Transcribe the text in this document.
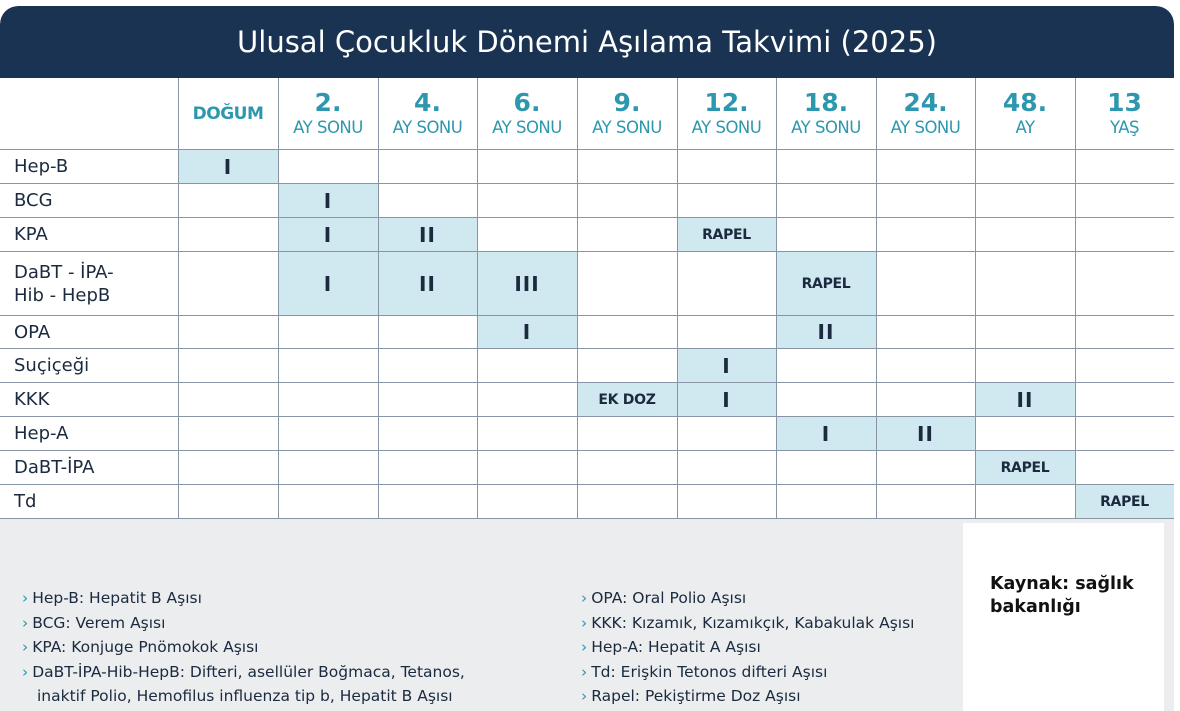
Ulusal Çocukluk Dönemi Aşılama Takvimi (2025)
	DOĞUM	2.
AY SONU	4.
AY SONU	6.
AY SONU	9.
AY SONU	12.
AY SONU	18.
AY SONU	24.
AY SONU	48.
AY	13
YAŞ

Hep-B	I									

BCG		I								

KPA		I	II			RAPEL				

DaBT - İPA-
Hib - HepB		I	II	III			RAPEL			

OPA				I			II			

Suçiçeği						I				

KKK					EK DOZ	I			II	

Hep-A							I	II		

DaBT-İPA									RAPEL	

Td										RAPEL
› Hep-B: Hepatit B Aşısı
› BCG: Verem Aşısı
› KPA: Konjuge Pnömokok Aşısı
› DaBT-İPA-Hib-HepB: Difteri, asellüler Boğmaca, Tetanos,
inaktif Polio, Hemofilus influenza tip b, Hepatit B Aşısı
› OPA: Oral Polio Aşısı
› KKK: Kızamık, Kızamıkçık, Kabakulak Aşısı
› Hep-A: Hepatit A Aşısı
› Td: Erişkin Tetonos difteri Aşısı
› Rapel: Pekiştirme Doz Aşısı
Kaynak: sağlık
bakanlığı
